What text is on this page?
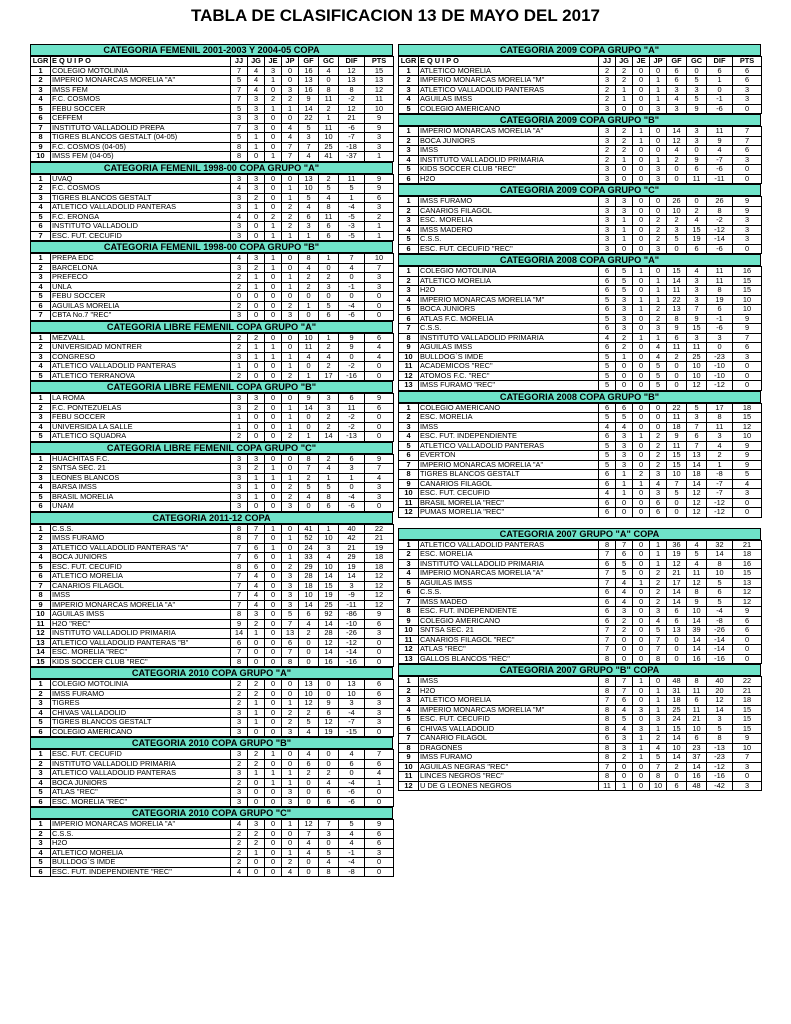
TABLA DE CLASIFICACION 13 DE MAYO DEL 2017
CATEGORIA FEMENIL 2001-2003 Y 2004-05 COPA
LGR	E Q U I P O	JJ	JG	JE	JP	GF	GC	DIF	PTS
1	COLEGIO MOTOLINIA	7	4	3	0	16	4	12	15
2	IMPERIO MONARCAS MORELIA "A"	5	4	1	0	13	0	13	13
3	IMSS FEM	7	4	0	3	16	8	8	12
4	F.C. COSMOS	7	3	2	2	9	11	-2	11
5	FEBU SOCCER	5	3	1	1	14	2	12	10
6	CEFFEM	3	3	0	0	22	1	21	9
7	INSTITUTO VALLADOLID PREPA	7	3	0	4	5	11	-6	9
8	TIGRES BLANCOS GESTALT (04-05)	5	1	0	4	3	10	-7	3
9	F.C. COSMOS (04-05)	8	1	0	7	7	25	-18	3
10	IMSS FEM (04-05)	8	0	1	7	4	41	-37	1
CATEGORIA FEMENIL 1998-00 COPA GRUPO "A"
1	UVAQ	3	3	0	0	13	2	11	9
2	F.C. COSMOS	4	3	0	1	10	5	5	9
3	TIGRES BLANCOS GESTALT	3	2	0	1	5	4	1	6
4	ATLETICO VALLADOLID PANTERAS	3	1	0	2	4	8	-4	3
5	F.C. ERONGA	4	0	2	2	6	11	-5	2
6	INSTITUTO VALLADOLID	3	0	1	2	3	6	-3	1
7	ESC. FUT. CECUFID	3	0	1	1	1	6	-5	1
CATEGORIA FEMENIL 1998-00 COPA GRUPO "B"
1	PREPA EDC	4	3	1	0	8	1	7	10
2	BARCELONA	3	2	1	0	4	0	4	7
3	PREFECO	2	1	0	1	2	2	0	3
4	UNLA	2	1	0	1	2	3	-1	3
5	FEBU SOCCER	0	0	0	0	0	0	0	0
6	AGUILAS MORELIA	2	0	0	2	1	5	-4	0
7	CBTA No.7 "REC"	3	0	0	3	0	6	-6	0
CATEGORIA LIBRE FEMENIL COPA GRUPO "A"
1	MEZVALL	2	2	0	0	10	1	9	6
2	UNIVERSIDAD MONTRER	2	1	1	0	11	2	9	4
3	CONGRESO	3	1	1	1	4	4	0	4
4	ATLETICO VALLADOLID PANTERAS	1	0	0	1	0	2	-2	0
5	ATLETICO TERRANOVA	2	0	0	2	1	17	-16	0
CATEGORIA LIBRE FEMENIL COPA GRUPO "B"
1	LA ROMA	3	3	0	0	9	3	6	9
2	F.C. PONTEZUELAS	3	2	0	1	14	3	11	6
3	FEBU SOCCER	1	0	0	1	0	2	-2	0
4	UNIVERSIDA LA SALLE	1	0	0	1	0	2	-2	0
5	ATLETICO SQUADRA	2	0	0	2	1	14	-13	0
CATEGORIA LIBRE FEMENIL COPA GRUPO "C"
1	HUACHITAS F.C.	3	3	0	0	8	2	6	9
2	SNTSA SEC. 21	3	2	1	0	7	4	3	7
3	LEONES BLANCOS	3	1	1	1	2	1	1	4
4	BARSA IMSS	3	1	0	2	5	5	0	3
5	BRASIL MORELIA	3	1	0	2	4	8	-4	3
6	UNAM	3	0	0	3	0	6	-6	0
CATEGORIA 2011-12 COPA
1	C.S.S.	8	7	1	0	41	1	40	22
2	IMSS FURAMO	8	7	0	1	52	10	42	21
3	ATLETICO VALLADOLID PANTERAS "A"	7	6	1	0	24	3	21	19
4	BOCA JUNIORS	7	6	0	1	33	4	29	18
5	ESC. FUT. CECUFID	8	6	0	2	29	10	19	18
6	ATLETICO MORELIA	7	4	0	3	28	14	14	12
7	CANARIOS FILAGOL	7	4	0	3	18	15	3	12
8	IMSS	7	4	0	3	10	19	-9	12
9	IMPERIO MONARCAS MORELIA "A"	7	4	0	3	14	25	-11	12
10	AGUILAS IMSS	8	3	0	5	6	92	-86	9
11	H2O "REC"	9	2	0	7	4	14	-10	6
12	INSTITUTO VALLADOLID PRIMARIA	14	1	0	13	2	28	-26	3
13	ATLETICO VALLADOLID PANTERAS "B"	6	0	0	6	0	12	-12	0
14	ESC. MORELIA "REC"	7	0	0	7	0	14	-14	0
15	KIDS SOCCER CLUB "REC"	8	0	0	8	0	16	-16	0
CATEGORIA 2010 COPA GRUPO "A"
1	COLEGIO MOTOLINIA	2	2	0	0	13	0	13	6
2	IMSS FURAMO	2	2	0	0	10	0	10	6
3	TIGRES	2	1	0	1	12	9	3	3
4	CHIVAS VALLADOLID	3	1	0	2	2	6	-4	3
5	TIGRES BLANCOS GESTALT	3	1	0	2	5	12	-7	3
6	COLEGIO AMERICANO	3	0	0	3	4	19	-15	0
CATEGORIA 2010 COPA GRUPO "B"
1	ESC. FUT. CECUFID	3	2	1	0	4	0	4	7
2	INSTITUTO VALLADOLID PRIMARIA	2	2	0	0	6	0	6	6
3	ATLETICO VALLADOLID PANTERAS	3	1	1	1	2	2	0	4
4	BOCA JUNIORS	2	0	1	1	0	4	-4	1
5	ATLAS "REC"	3	0	0	3	0	6	-6	0
6	ESC. MORELIA "REC"	3	0	0	3	0	6	-6	0
CATEGORIA 2010 COPA GRUPO "C"
1	IMPERIO MONARCAS MORELIA "A"	4	3	0	1	12	7	5	9
2	C.S.S.	2	2	0	0	7	3	4	6
3	H2O	2	2	0	0	4	0	4	6
4	ATLETICO MORELIA	2	1	0	1	4	5	-1	3
5	BULLDOG`S IMDE	2	0	0	2	0	4	-4	0
6	ESC. FUT. INDEPENDIENTE "REC"	4	0	0	4	0	8	-8	0
CATEGORIA 2009 COPA GRUPO "A"
LGR	E Q U I P O	JJ	JG	JE	JP	GF	GC	DIF	PTS
1	ATLETICO MORELIA	2	2	0	0	6	0	6	6
2	IMPERIO MONARCAS MORELIA "M"	3	2	0	1	6	5	1	6
3	ATLETICO VALLADOLID PANTERAS	2	1	0	1	3	3	0	3
4	AGUILAS IMSS	2	1	0	1	4	5	-1	3
5	COLEGIO AMERICANO	3	0	0	3	3	9	-6	0
CATEGORIA 2009 COPA GRUPO "B"
1	IMPERIO MONARCAS MORELIA "A"	3	2	1	0	14	3	11	7
2	BOCA JUNIORS	3	2	1	0	12	3	9	7
3	IMSS	2	2	0	0	4	0	4	6
4	INSTITUTO VALLADOLID PRIMARIA	2	1	0	1	2	9	-7	3
5	KIDS SOCCER CLUB "REC"	3	0	0	3	0	6	-6	0
6	H2O	3	0	0	3	0	11	-11	0
CATEGORIA 2009 COPA GRUPO "C"
1	IMSS FURAMO	3	3	0	0	26	0	26	9
2	CANARIOS FILAGOL	3	3	0	0	10	2	8	9
3	ESC. MORELIA	3	1	0	2	2	4	-2	3
4	IMSS MADERO	3	1	0	2	3	15	-12	3
5	C.S.S.	3	1	0	2	5	19	-14	3
6	ESC. FUT. CECUFID "REC"	3	0	0	3	0	6	-6	0
CATEGORIA 2008 COPA GRUPO "A"
1	COLEGIO MOTOLINIA	6	5	1	0	15	4	11	16
2	ATLETICO MORELIA	6	5	0	1	14	3	11	15
3	H2O	6	5	0	1	11	3	8	15
4	IMPERIO MONARCAS MORELIA "M"	5	3	1	1	22	3	19	10
5	BOCA JUNIORS	6	3	1	2	13	7	6	10
6	ATLAS F.C. MORELIA	5	3	0	2	8	9	-1	9
7	C.S.S.	6	3	0	3	9	15	-6	9
8	INSTITUTO VALLADOLID PRIMARIA	4	2	1	1	6	3	3	7
9	AGUILAS IMSS	6	2	0	4	11	11	0	6
10	BULLDOG`S IMDE	5	1	0	4	2	25	-23	3
11	ACADEMICOS "REC"	5	0	0	5	0	10	-10	0
12	ATOMOS F.C. "REC"	5	0	0	5	0	10	-10	0
13	IMSS FURAMO "REC"	5	0	0	5	0	12	-12	0
CATEGORIA 2008 COPA GRUPO "B"
1	COLEGIO AMERICANO	6	6	0	0	22	5	17	18
2	ESC. MORELIA	5	5	0	0	11	3	8	15
3	IMSS	4	4	0	0	18	7	11	12
4	ESC. FUT. INDEPENDIENTE	6	3	1	2	9	6	3	10
5	ATLETICO VALLADOLID PANTERAS	5	3	0	2	11	7	4	9
6	EVERTON	5	3	0	2	15	13	2	9
7	IMPERIO MONARCAS MORELIA "A"	5	3	0	2	15	14	1	9
8	TIGRES BLANCOS GESTALT	6	1	2	3	10	18	-8	5
9	CANARIOS FILAGOL	6	1	1	4	7	14	-7	4
10	ESC. FUT. CECUFID	4	1	0	3	5	12	-7	3
11	BRASIL MORELIA "REC"	6	0	0	6	0	12	-12	0
12	PUMAS MORELIA "REC"	6	0	0	6	0	12	-12	0
CATEGORIA 2007 GRUPO "A" COPA
1	ATLETICO VALLADOLID PANTERAS	8	7	0	1	36	4	32	21
2	ESC. MORELIA	7	6	0	1	19	5	14	18
3	INSTITUTO VALLADOLID PRIMARIA	6	5	0	1	12	4	8	16
4	IMPERIO MONARCAS MORELIA "A"	7	5	0	2	21	11	10	15
5	AGUILAS IMSS	7	4	1	2	17	12	5	13
6	C.S.S.	6	4	0	2	14	8	6	12
7	IMSS MADEO	6	4	0	2	14	9	5	12
8	ESC. FUT. INDEPENDIENTE	6	3	0	3	6	10	-4	9
9	COLEGIO AMERICANO	6	2	0	4	6	14	-8	6
10	SNTSA SEC. 21	7	2	0	5	13	39	-26	6
11	CANARIOS FILAGOL "REC"	7	0	0	7	0	14	-14	0
12	ATLAS "REC"	7	0	0	7	0	14	-14	0
13	GALLOS BLANCOS "REC"	8	0	0	8	0	16	-16	0
CATEGORIA 2007 GRUPO "B" COPA
1	IMSS	8	7	1	0	48	8	40	22
2	H2O	8	7	0	1	31	11	20	21
3	ATLETICO MORELIA	7	6	0	1	18	6	12	18
4	IMPERIO MONARCAS MORELIA "M"	8	4	3	1	25	11	14	15
5	ESC. FUT. CECUFID	8	5	0	3	24	21	3	15
6	CHIVAS VALLADOLID	8	4	3	1	15	10	5	15
7	CANARIO FILAGOL	6	3	1	2	14	6	8	9
8	DRAGONES	8	3	1	4	10	23	-13	10
9	IMSS FURAMO	8	2	1	5	14	37	-23	7
10	AGUILAS NEGRAS "REC"	7	0	0	7	2	14	-12	3
11	LINCES NEGROS "REC"	8	0	0	8	0	16	-16	0
12	U DE G LEONES NEGROS	11	1	0	10	6	48	-42	3
